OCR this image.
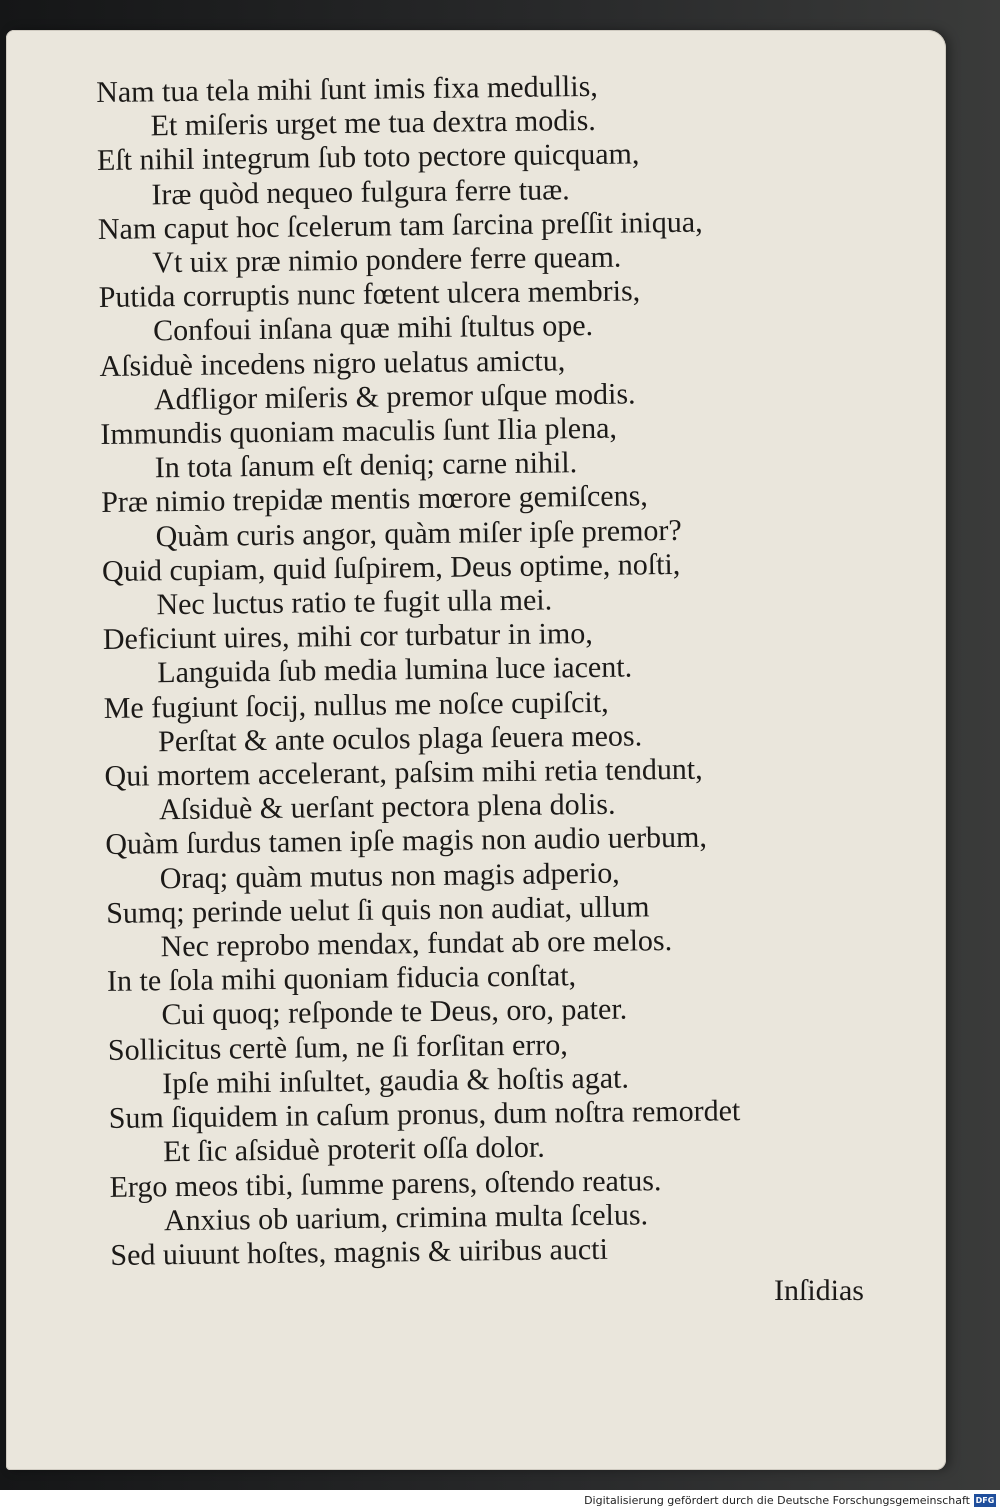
Nam tua tela mihi ſunt imis fixa medullis,
Et miſeris urget me tua dextra modis.
Eſt nihil integrum ſub toto pectore quicquam,
Iræ quòd nequeo fulgura ferre tuæ.
Nam caput hoc ſcelerum tam ſarcina preſſit iniqua,
Vt uix præ nimio pondere ferre queam.
Putida corruptis nunc fœtent ulcera membris,
Confoui inſana quæ mihi ſtultus ope.
Aſsiduè incedens nigro uelatus amictu,
Adfligor miſeris & premor uſque modis.
Immundis quoniam maculis ſunt Ilia plena,
In tota ſanum eſt deniq; carne nihil.
Præ nimio trepidæ mentis mœrore gemiſcens,
Quàm curis angor, quàm miſer ipſe premor?
Quid cupiam, quid ſuſpirem, Deus optime, noſti,
Nec luctus ratio te fugit ulla mei.
Deficiunt uires, mihi cor turbatur in imo,
Languida ſub media lumina luce iacent.
Me fugiunt ſocij, nullus me noſce cupiſcit,
Perſtat & ante oculos plaga ſeuera meos.
Qui mortem accelerant, paſsim mihi retia tendunt,
Aſsiduè & uerſant pectora plena dolis.
Quàm ſurdus tamen ipſe magis non audio uerbum,
Oraq; quàm mutus non magis adperio,
Sumq; perinde uelut ſi quis non audiat, ullum
Nec reprobo mendax, fundat ab ore melos.
In te ſola mihi quoniam fiducia conſtat,
Cui quoq; reſponde te Deus, oro, pater.
Sollicitus certè ſum, ne ſi forſitan erro,
Ipſe mihi inſultet, gaudia & hoſtis agat.
Sum ſiquidem in caſum pronus, dum noſtra remordet
Et ſic aſsiduè proterit oſſa dolor.
Ergo meos tibi, ſumme parens, oſtendo reatus.
Anxius ob uarium, crimina multa ſcelus.
Sed uiuunt hoſtes, magnis & uiribus aucti
Inſidias
Digitalisierung gefördert durch die Deutsche Forschungsgemeinschaft DFG
